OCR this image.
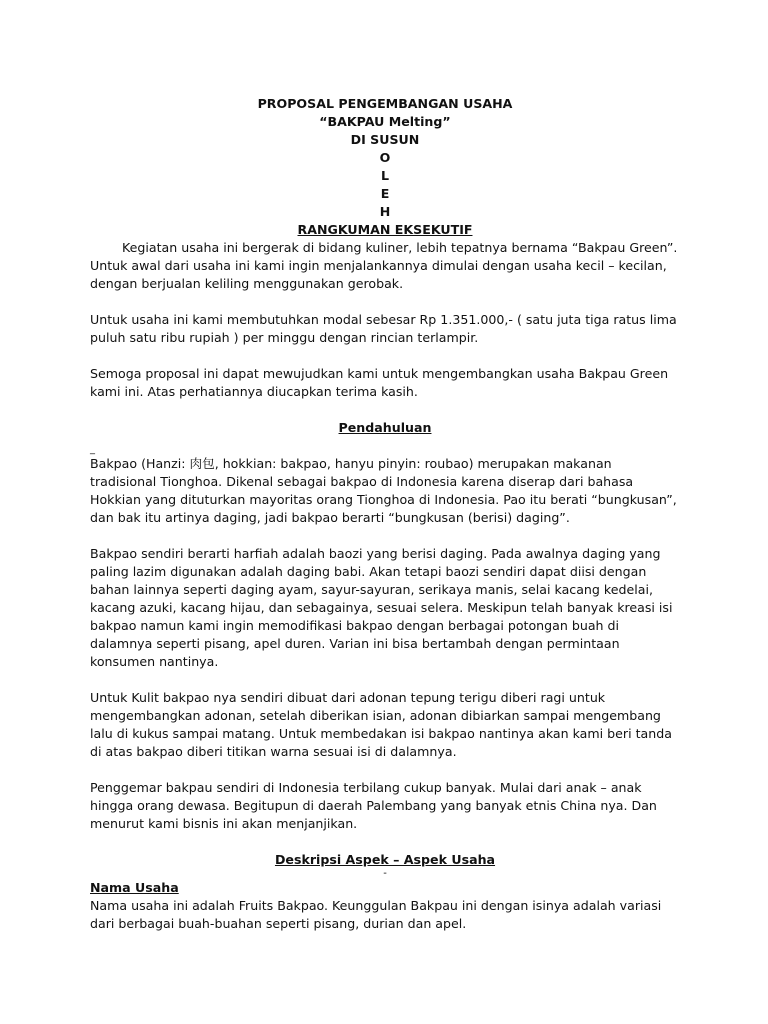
PROPOSAL PENGEMBANGAN USAHA

“BAKPAU Melting”

DI SUSUN

O

L

E

H

RANGKUMAN EKSEKUTIF

Kegiatan usaha ini bergerak di bidang kuliner, lebih tepatnya bernama “Bakpau Green”. Untuk awal dari usaha ini kami ingin menjalankannya dimulai dengan usaha kecil – kecilan, dengan berjualan keliling menggunakan gerobak.

Untuk usaha ini kami membutuhkan modal sebesar Rp 1.351.000,- ( satu juta tiga ratus lima puluh satu ribu rupiah ) per minggu dengan rincian terlampir.

Semoga proposal ini dapat mewujudkan kami untuk mengembangkan usaha Bakpau Green kami ini. Atas perhatiannya diucapkan terima kasih.

Pendahuluan

_

Bakpao (Hanzi: 肉包, hokkian: bakpao, hanyu pinyin: roubao) merupakan makanan tradisional Tionghoa. Dikenal sebagai bakpao di Indonesia karena diserap dari bahasa Hokkian yang dituturkan mayoritas orang Tionghoa di Indonesia. Pao itu berati “bungkusan”, dan bak itu artinya daging, jadi bakpao berarti “bungkusan (berisi) daging”.

Bakpao sendiri berarti harfiah adalah baozi yang berisi daging. Pada awalnya daging yang paling lazim digunakan adalah daging babi. Akan tetapi baozi sendiri dapat diisi dengan bahan lainnya seperti daging ayam, sayur-sayuran, serikaya manis, selai kacang kedelai, kacang azuki, kacang hijau, dan sebagainya, sesuai selera. Meskipun telah banyak kreasi isi bakpao namun kami ingin memodifikasi bakpao dengan berbagai potongan buah di dalamnya seperti pisang, apel duren. Varian ini bisa bertambah dengan permintaan konsumen nantinya.

Untuk Kulit bakpao nya sendiri dibuat dari adonan tepung terigu diberi ragi untuk mengembangkan adonan, setelah diberikan isian, adonan dibiarkan sampai mengembang lalu di kukus sampai matang. Untuk membedakan isi bakpao nantinya akan kami beri tanda di atas bakpao diberi titikan warna sesuai isi di dalamnya.

Penggemar bakpau sendiri di Indonesia terbilang cukup banyak. Mulai dari anak – anak hingga orang dewasa. Begitupun di daerah Palembang yang banyak etnis China nya. Dan menurut kami bisnis ini akan menjanjikan.

Deskripsi Aspek – Aspek Usaha

-

Nama Usaha

Nama usaha ini adalah Fruits Bakpao. Keunggulan Bakpau ini dengan isinya adalah variasi dari berbagai buah-buahan seperti pisang, durian dan apel.
